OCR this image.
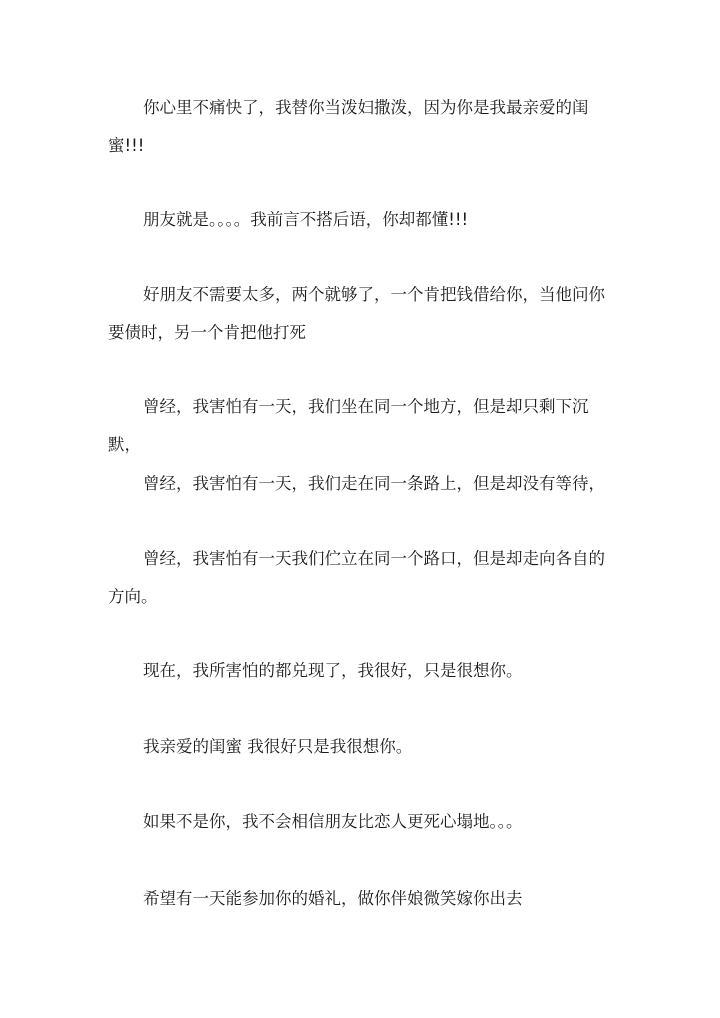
你心里不痛快了，我替你当泼妇撒泼，因为你是我最亲爱的闺蜜!!!

朋友就是。。。。我前言不搭后语，你却都懂!!!

好朋友不需要太多，两个就够了，一个肯把钱借给你，当他问你要债时，另一个肯把他打死

曾经，我害怕有一天，我们坐在同一个地方，但是却只剩下沉默，

曾经，我害怕有一天，我们走在同一条路上，但是却没有等待，

曾经，我害怕有一天我们伫立在同一个路口，但是却走向各自的方向。

现在，我所害怕的都兑现了，我很好，只是很想你。

我亲爱的闺蜜 我很好只是我很想你。

如果不是你，我不会相信朋友比恋人更死心塌地。。。

希望有一天能参加你的婚礼，做你伴娘微笑嫁你出去
